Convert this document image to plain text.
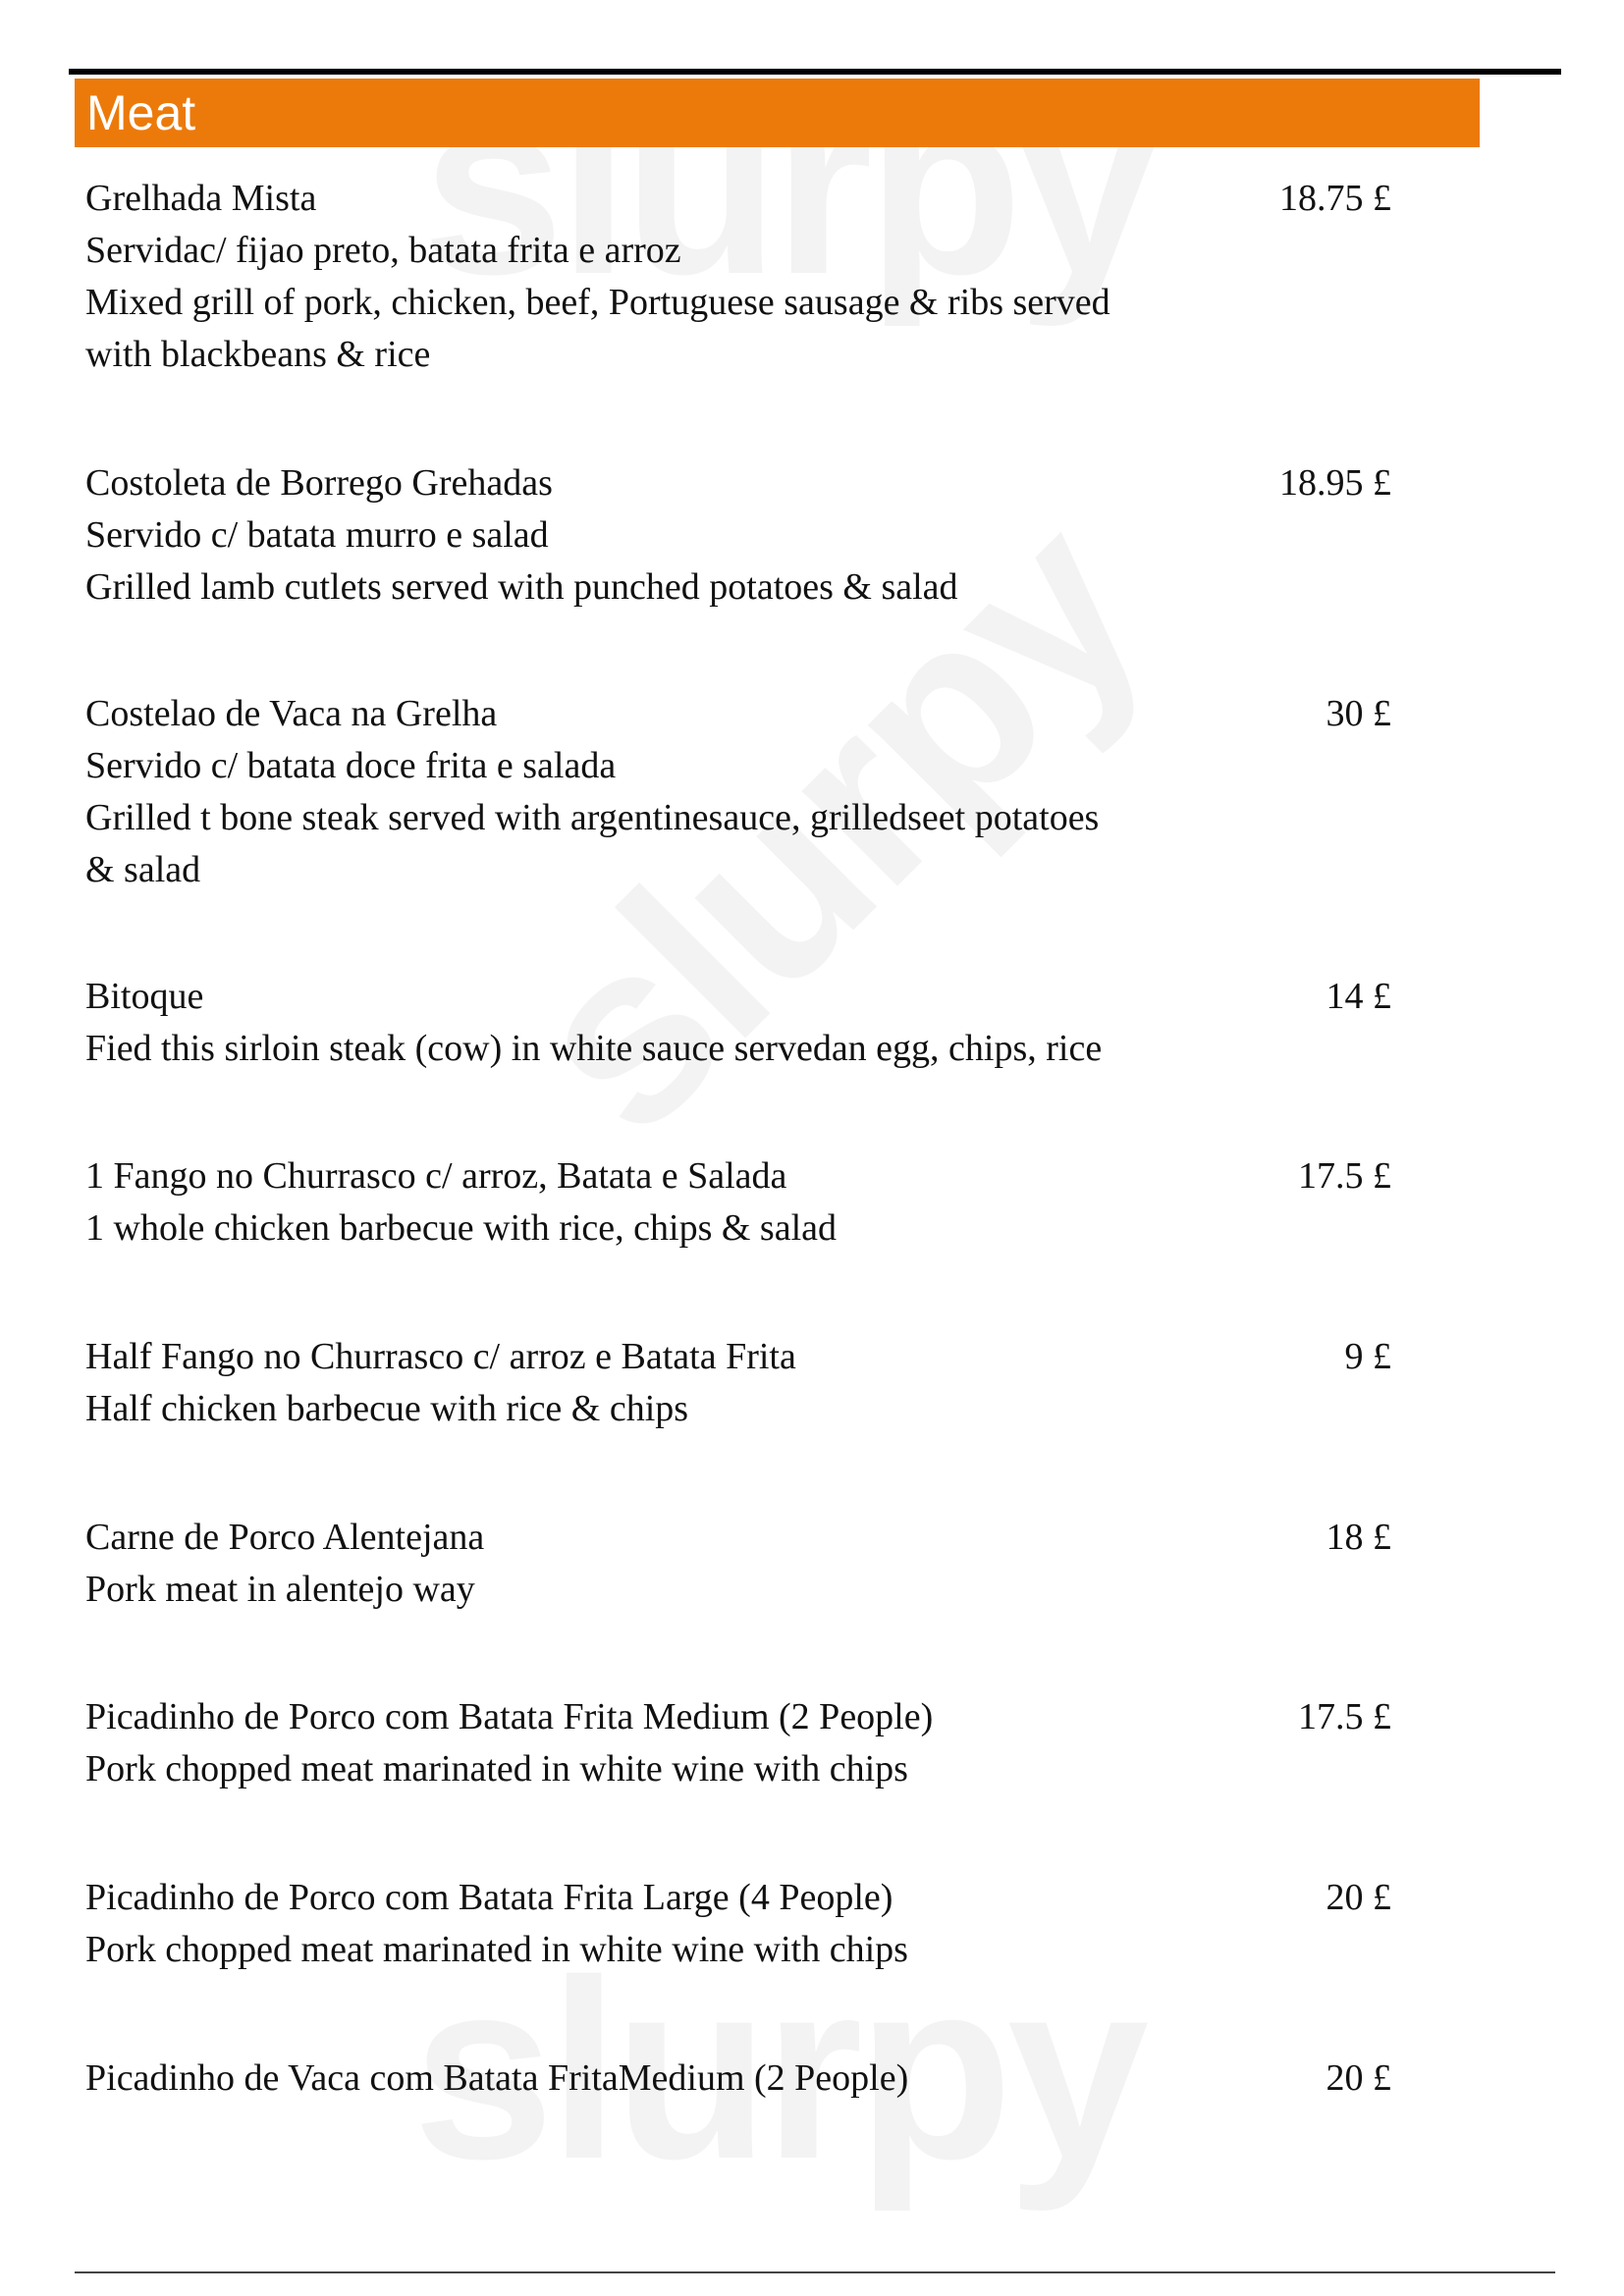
Meat
Grelhada Mista
Servidac/ fijao preto, batata frita e arroz
Mixed grill of pork, chicken, beef, Portuguese sausage & ribs served
with blackbeans & rice
18.75 £
Costoleta de Borrego Grehadas
Servido c/ batata murro e salad
Grilled lamb cutlets served with punched potatoes & salad
18.95 £
Costelao de Vaca na Grelha
Servido c/ batata doce frita e salada
Grilled t bone steak served with argentinesauce, grilledseet potatoes
& salad
30 £
Bitoque
Fied this sirloin steak (cow) in white sauce servedan egg, chips, rice
14 £
1 Fango no Churrasco c/ arroz, Batata e Salada
1 whole chicken barbecue with rice, chips & salad
17.5 £
Half Fango no Churrasco c/ arroz e Batata Frita
Half chicken barbecue with rice & chips
9 £
Carne de Porco Alentejana
Pork meat in alentejo way
18 £
Picadinho de Porco com Batata Frita Medium (2 People)
Pork chopped meat marinated in white wine with chips
17.5 £
Picadinho de Porco com Batata Frita Large (4 People)
Pork chopped meat marinated in white wine with chips
20 £
Picadinho de Vaca com Batata FritaMedium (2 People)	20 £
